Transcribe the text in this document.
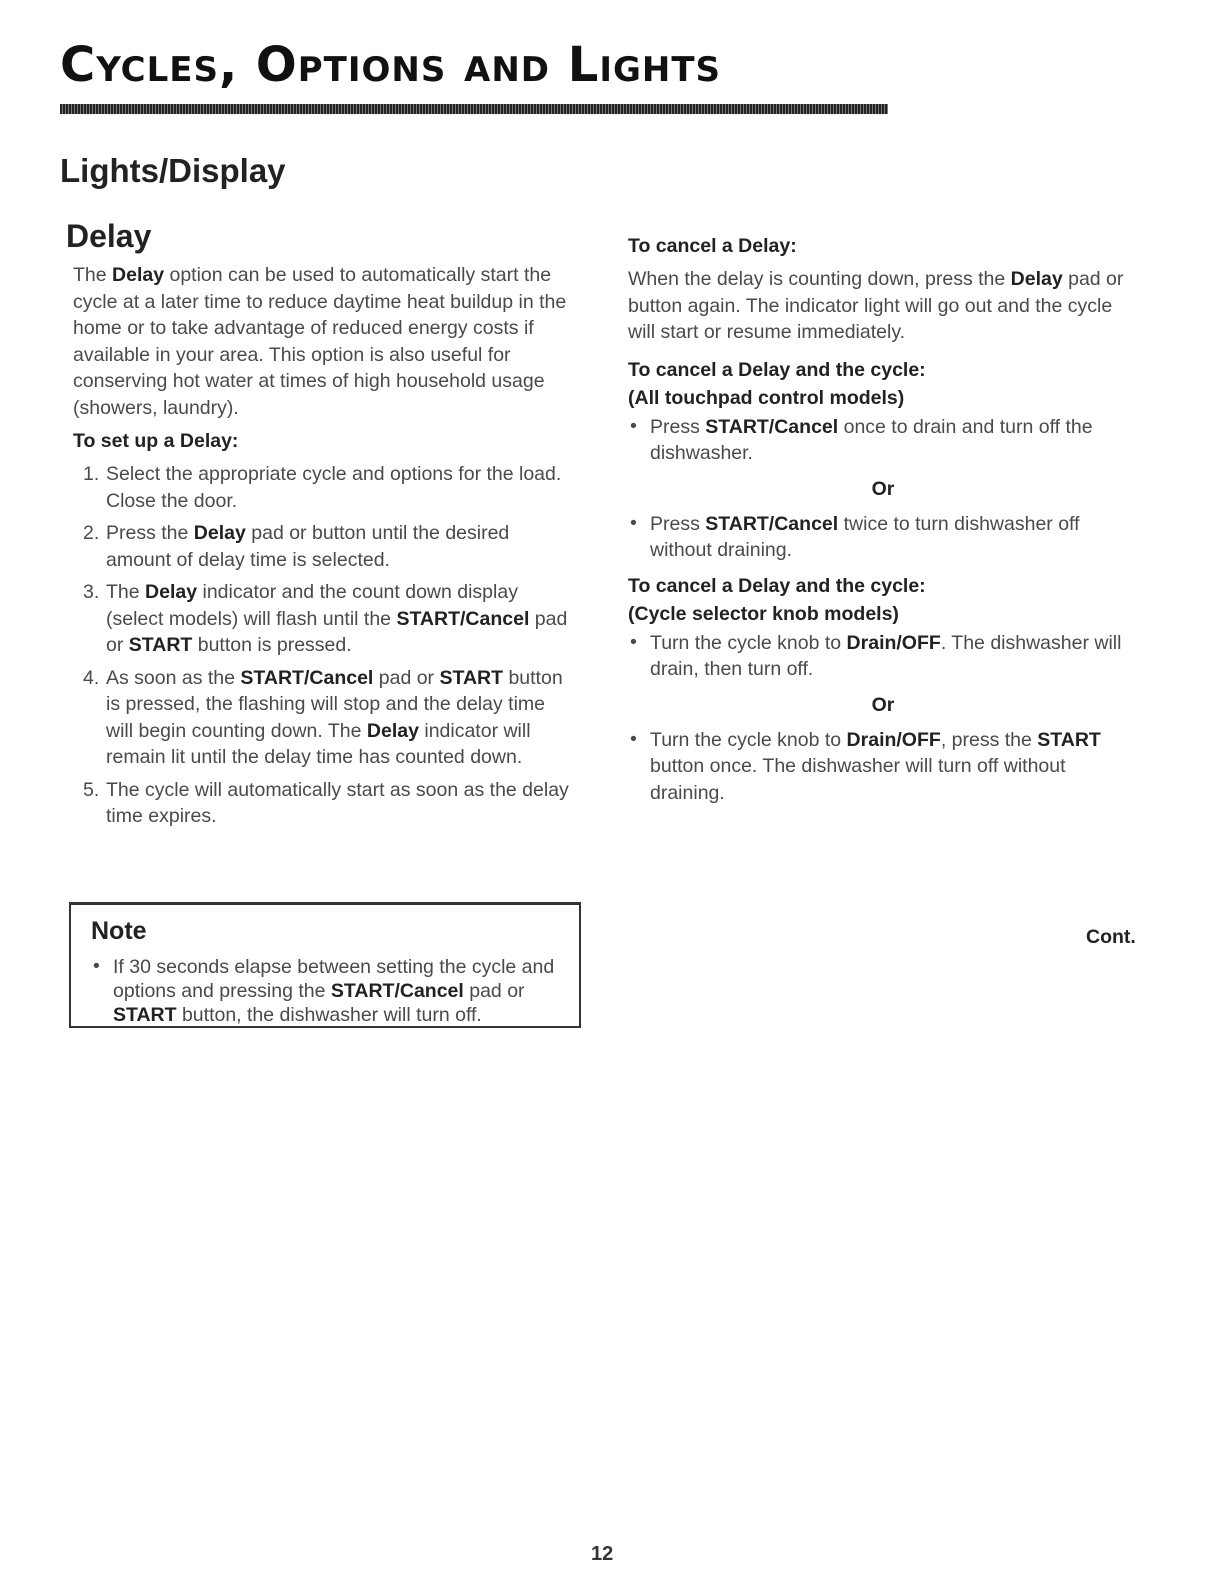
Cycles, Options and Lights
Lights/Display
Delay

The Delay option can be used to automatically start the cycle at a later time to reduce daytime heat buildup in the home or to take advantage of reduced energy costs if available in your area. This option is also useful for conserving hot water at times of high household usage (showers, laundry).

To set up a Delay:

1. Select the appropriate cycle and options for the load. Close the door.
2. Press the Delay pad or button until the desired amount of delay time is selected.
3. The Delay indicator and the count down display (select models) will flash until the START/Cancel pad or START button is pressed.
4. As soon as the START/Cancel pad or START button is pressed, the flashing will stop and the delay time will begin counting down. The Delay indicator will remain lit until the delay time has counted down.
5. The cycle will automatically start as soon as the delay time expires.
Note
• If 30 seconds elapse between setting the cycle and options and pressing the START/Cancel pad or START button, the dishwasher will turn off.

To cancel a Delay:

When the delay is counting down, press the Delay pad or button again. The indicator light will go out and the cycle will start or resume immediately.

To cancel a Delay and the cycle:

(All touchpad control models)

• Press START/Cancel once to drain and turn off the dishwasher.

Or

• Press START/Cancel twice to turn dishwasher off without draining.

To cancel a Delay and the cycle:

(Cycle selector knob models)

• Turn the cycle knob to Drain/OFF. The dishwasher will drain, then turn off.

Or

• Turn the cycle knob to Drain/OFF, press the START button once. The dishwasher will turn off without draining.
Cont.
12
